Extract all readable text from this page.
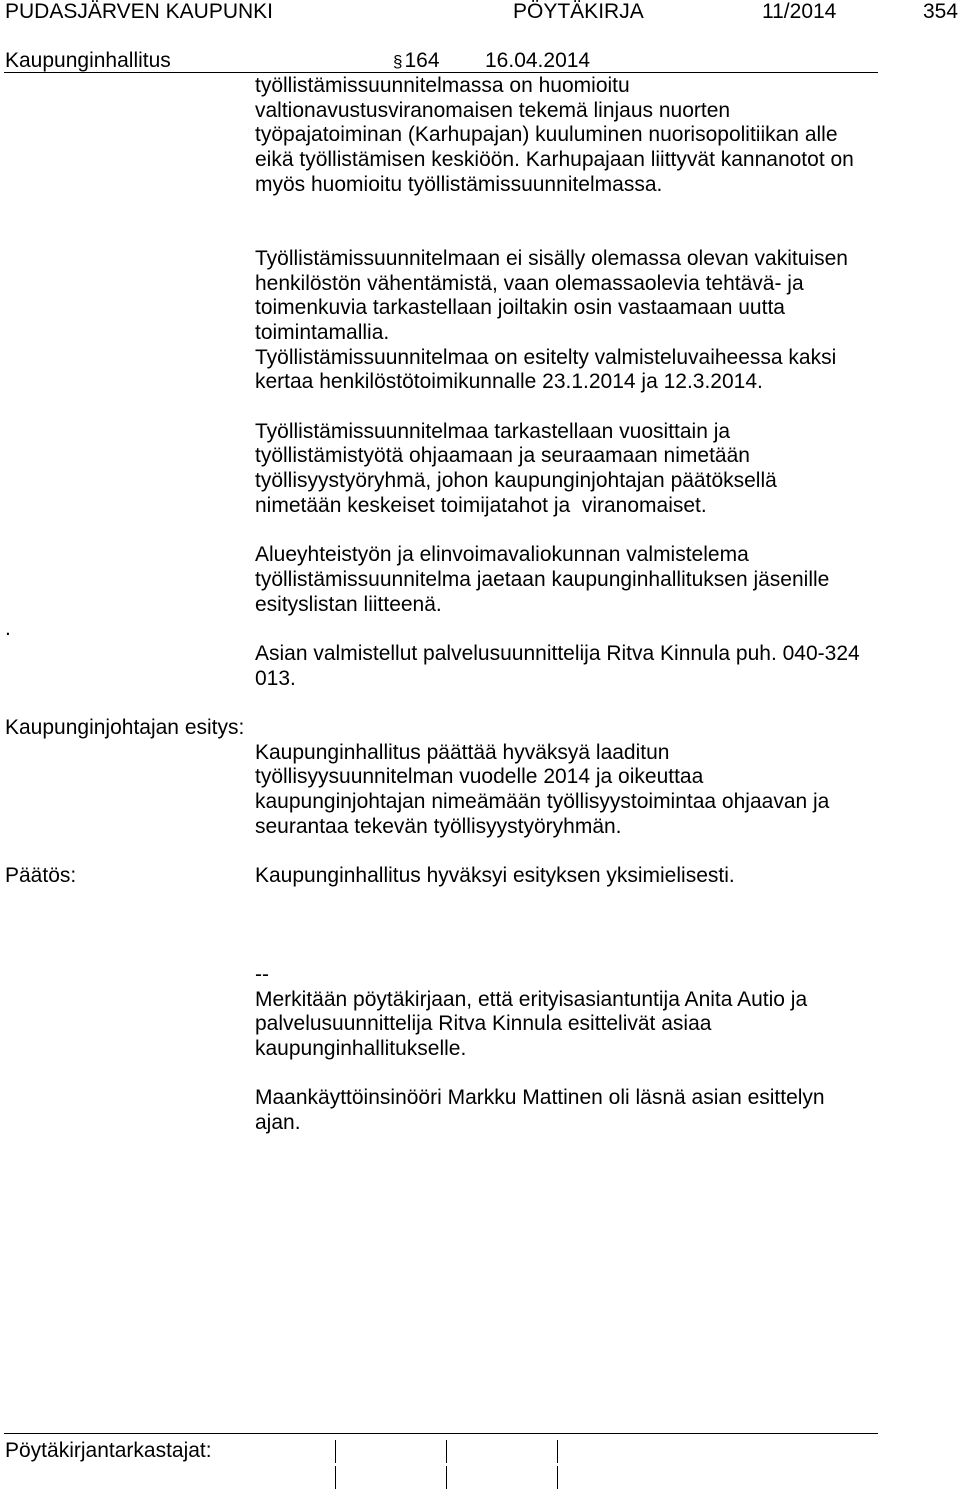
PUDASJÄRVEN KAUPUNKI	PÖYTÄKIRJA	11/2014	354
Kaupunginhallitus	§164 16.04.2014
työllistämissuunnitelmassa on huomioitu
valtionavustusviranomaisen tekemä linjaus nuorten
työpajatoiminan (Karhupajan) kuuluminen nuorisopolitiikan alle
eikä työllistämisen keskiöön. Karhupajaan liittyvät kannanotot on
myös huomioitu työllistämissuunnitelmassa.
Työllistämissuunnitelmaan ei sisälly olemassa olevan vakituisen
henkilöstön vähentämistä, vaan olemassaolevia tehtävä- ja
toimenkuvia tarkastellaan joiltakin osin vastaamaan uutta
toimintamallia.
Työllistämissuunnitelmaa on esitelty valmisteluvaiheessa kaksi
kertaa henkilöstötoimikunnalle 23.1.2014 ja 12.3.2014.
Työllistämissuunnitelmaa tarkastellaan vuosittain ja
työllistämistyötä ohjaamaan ja seuraamaan nimetään
työllisyystyöryhmä, johon kaupunginjohtajan päätöksellä
nimetään keskeiset toimijatahot ja  viranomaiset.
Alueyhteistyön ja elinvoimavaliokunnan valmistelema
työllistämissuunnitelma jaetaan kaupunginhallituksen jäsenille
esityslistan liitteenä.
.
Asian valmistellut palvelusuunnittelija Ritva Kinnula puh. 040-324
013.
Kaupunginjohtajan esitys:
Kaupunginhallitus päättää hyväksyä laaditun
työllisyysuunnitelman vuodelle 2014 ja oikeuttaa
kaupunginjohtajan nimeämään työllisyystoimintaa ohjaavan ja
seurantaa tekevän työllisyystyöryhmän.
Päätös:	Kaupunginhallitus hyväksyi esityksen yksimielisesti.
--
Merkitään pöytäkirjaan, että erityisasiantuntija Anita Autio ja
palvelusuunnittelija Ritva Kinnula esittelivät asiaa
kaupunginhallitukselle.
Maankäyttöinsinööri Markku Mattinen oli läsnä asian esittelyn
ajan.
Pöytäkirjantarkastajat:
